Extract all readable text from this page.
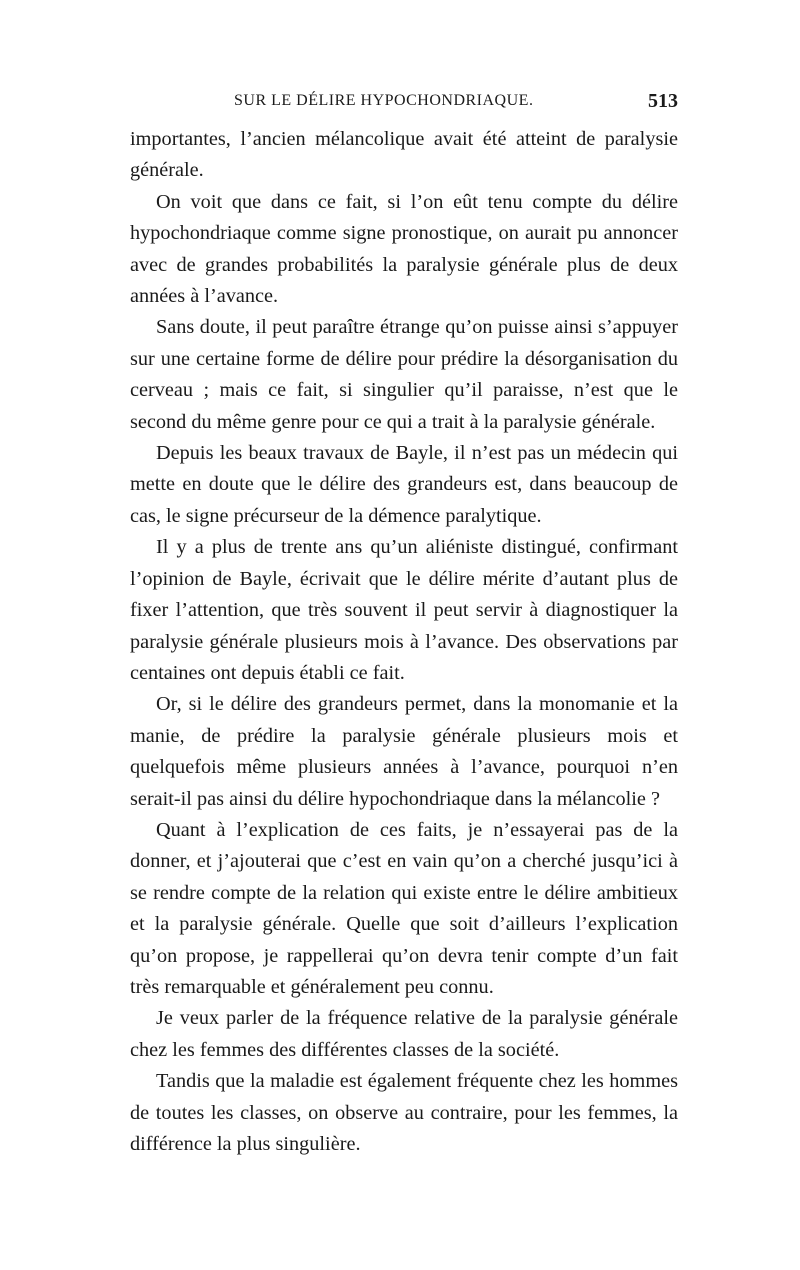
SUR LE DÉLIRE HYPOCHONDRIAQUE.	513

importantes, l’ancien mélancolique avait été atteint de paralysie générale.

On voit que dans ce fait, si l’on eût tenu compte du délire hypochondriaque comme signe pronostique, on aurait pu annoncer avec de grandes probabilités la paralysie générale plus de deux années à l’avance.

Sans doute, il peut paraître étrange qu’on puisse ainsi s’appuyer sur une certaine forme de délire pour prédire la désorganisation du cerveau ; mais ce fait, si singulier qu’il paraisse, n’est que le second du même genre pour ce qui a trait à la paralysie générale.

Depuis les beaux travaux de Bayle, il n’est pas un médecin qui mette en doute que le délire des grandeurs est, dans beaucoup de cas, le signe précurseur de la démence paralytique.

Il y a plus de trente ans qu’un aliéniste distingué, confirmant l’opinion de Bayle, écrivait que le délire mérite d’autant plus de fixer l’attention, que très souvent il peut servir à diagnostiquer la paralysie générale plusieurs mois à l’avance. Des observations par centaines ont depuis établi ce fait.

Or, si le délire des grandeurs permet, dans la monomanie et la manie, de prédire la paralysie générale plusieurs mois et quelquefois même plusieurs années à l’avance, pourquoi n’en serait-il pas ainsi du délire hypochondriaque dans la mélancolie ?

Quant à l’explication de ces faits, je n’essayerai pas de la donner, et j’ajouterai que c’est en vain qu’on a cherché jusqu’ici à se rendre compte de la relation qui existe entre le délire ambitieux et la paralysie générale. Quelle que soit d’ailleurs l’explication qu’on propose, je rappellerai qu’on devra tenir compte d’un fait très remarquable et généralement peu connu.

Je veux parler de la fréquence relative de la paralysie générale chez les femmes des différentes classes de la société.

Tandis que la maladie est également fréquente chez les hommes de toutes les classes, on observe au contraire, pour les femmes, la différence la plus singulière.
